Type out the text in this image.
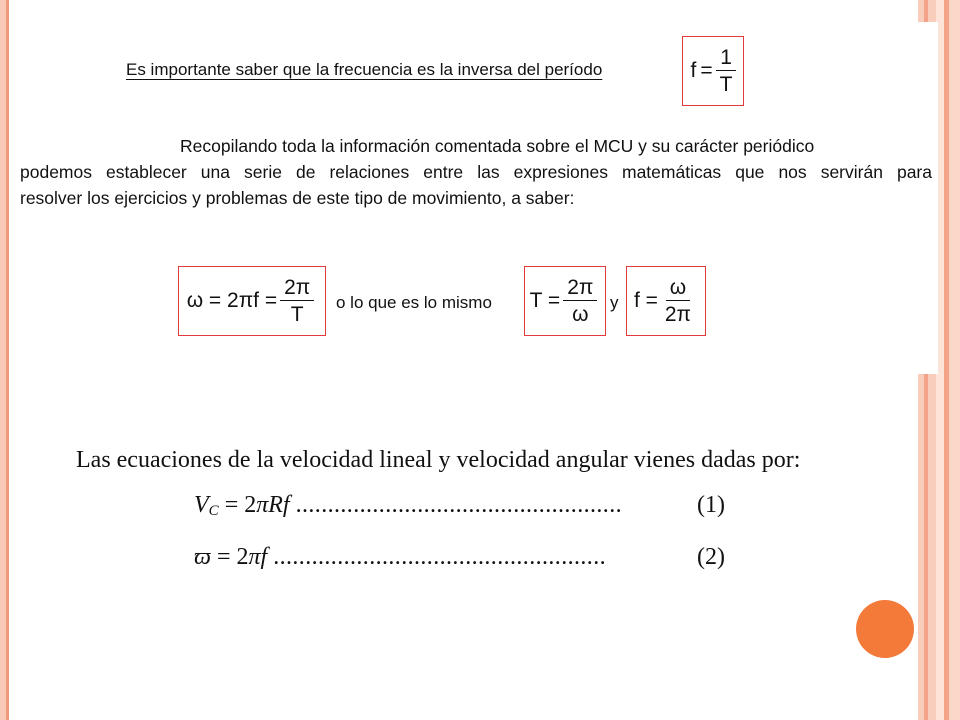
Es importante saber que la frecuencia es la inversa del período	$f = \frac{1}{T}$
Recopilando toda la información comentada sobre el MCU y su carácter periódico
podemos establecer una serie de relaciones entre las expresiones matemáticas que nos servirán para
resolver los ejercicios y problemas de este tipo de movimiento, a saber:
$\omega = 2\pi f = \frac{2\pi}{T}$ o lo que es lo mismo $T = \frac{2\pi}{\omega}$ y $f = \frac{\omega}{2\pi}$
Las ecuaciones de la velocidad lineal y velocidad angular vienes dadas por:
VC = 2πRf ...................................................	(1)
ϖ = 2πf ....................................................	(2)
